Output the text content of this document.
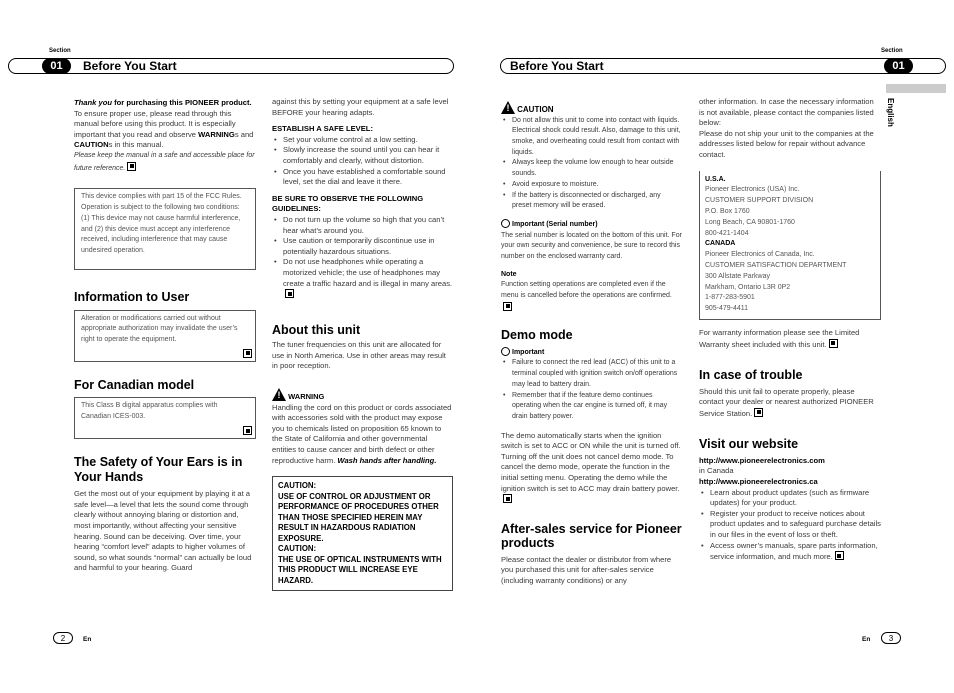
Section
01	Before You Start
Section
01
Before You Start
English

Thank you for purchasing this PIONEER product.

To ensure proper use, please read through this manual before using this product. It is especially important that you read and observe WARNINGs and CAUTIONs in this manual.

Please keep the manual in a safe and accessible place for future reference.

This device complies with part 15 of the FCC Rules. Operation is subject to the following two conditions:
(1) This device may not cause harmful interference, and (2) this device must accept any interference received, including interference that may cause undesired operation.
Information to User
Alteration or modifications carried out without appropriate authorization may invalidate the user’s right to operate the equipment.
For Canadian model
This Class B digital apparatus complies with Canadian ICES-003.
The Safety of Your Ears is in Your Hands

Get the most out of your equipment by playing it at a safe level—a level that lets the sound come through clearly without annoying blaring or distortion and, most importantly, without affecting your sensitive hearing. Sound can be deceiving. Over time, your hearing “comfort level” adapts to higher volumes of sound, so what sounds “normal” can actually be loud and harmful to your hearing. Guard

against this by setting your equipment at a safe level BEFORE your hearing adapts.

ESTABLISH A SAFE LEVEL:

• Set your volume control at a low setting.
• Slowly increase the sound until you can hear it comfortably and clearly, without distortion.
• Once you have established a comfortable sound level, set the dial and leave it there.

BE SURE TO OBSERVE THE FOLLOWING GUIDELINES:

• Do not turn up the volume so high that you can’t hear what’s around you.
• Use caution or temporarily discontinue use in potentially hazardous situations.
• Do not use headphones while operating a motorized vehicle; the use of headphones may create a traffic hazard and is illegal in many areas.
About this unit

The tuner frequencies on this unit are allocated for use in North America. Use in other areas may result in poor reception.

! WARNING

Handling the cord on this product or cords associated with accessories sold with the product may expose you to chemicals listed on proposition 65 known to the State of California and other governmental entities to cause cancer and birth defect or other reproductive harm. Wash hands after handling.

CAUTION:
USE OF CONTROL OR ADJUSTMENT OR PERFORMANCE OF PROCEDURES OTHER THAN THOSE SPECIFIED HEREIN MAY RESULT IN HAZARDOUS RADIATION EXPOSURE.
CAUTION:
THE USE OF OPTICAL INSTRUMENTS WITH THIS PRODUCT WILL INCREASE EYE HAZARD.
! CAUTION
• Do not allow this unit to come into contact with liquids. Electrical shock could result. Also, damage to this unit, smoke, and overheating could result from contact with liquids.
• Always keep the volume low enough to hear outside sounds.
• Avoid exposure to moisture.
• If the battery is disconnected or discharged, any preset memory will be erased.

Important (Serial number)

The serial number is located on the bottom of this unit. For your own security and convenience, be sure to record this number on the enclosed warranty card.

Note

Function setting operations are completed even if the menu is cancelled before the operations are confirmed.

Demo mode

Important

• Failure to connect the red lead (ACC) of this unit to a terminal coupled with ignition switch on/off operations may lead to battery drain.
• Remember that if the feature demo continues operating when the car engine is turned off, it may drain battery power.

The demo automatically starts when the ignition switch is set to ACC or ON while the unit is turned off. Turning off the unit does not cancel demo mode. To cancel the demo mode, operate the function in the initial setting menu. Operating the demo while the ignition switch is set to ACC may drain battery power.

After-sales service for Pioneer products

Please contact the dealer or distributor from where you purchased this unit for after-sales service (including warranty conditions) or any

other information. In case the necessary information is not available, please contact the companies listed below:
Please do not ship your unit to the companies at the addresses listed below for repair without advance contact.

U.S.A.

Pioneer Electronics (USA) Inc.
CUSTOMER SUPPORT DIVISION
P.O. Box 1760
Long Beach, CA 90801-1760
800-421-1404

CANADA

Pioneer Electronics of Canada, Inc.
CUSTOMER SATISFACTION DEPARTMENT
300 Allstate Parkway
Markham, Ontario L3R 0P2
1-877-283-5901
905-479-4411

For warranty information please see the Limited Warranty sheet included with this unit.

In case of trouble

Should this unit fail to operate properly, please contact your dealer or nearest authorized PIONEER Service Station.

Visit our website

http://www.pioneerelectronics.com

in Canada

http://www.pioneerelectronics.ca

• Learn about product updates (such as firmware updates) for your product.
• Register your product to receive notices about product updates and to safeguard purchase details in our files in the event of loss or theft.
• Access owner’s manuals, spare parts information, service information, and much more.
2	En	3
En
